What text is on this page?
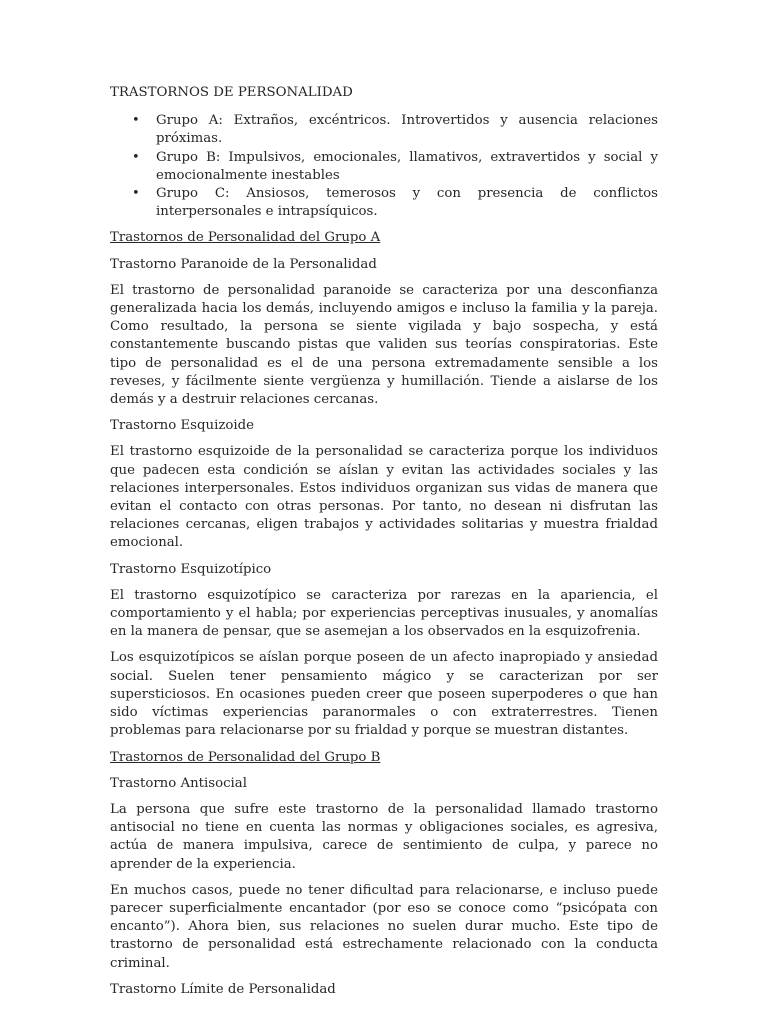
TRASTORNOS DE PERSONALIDAD
• Grupo A: Extraños, excéntricos. Introvertidos y ausencia relaciones próximas.
• Grupo B: Impulsivos, emocionales, llamativos, extravertidos y social y emocionalmente inestables
• Grupo C: Ansiosos, temerosos y con presencia de conflictos interpersonales e intrapsíquicos.
Trastornos de Personalidad del Grupo A
Trastorno Paranoide de la Personalidad

El trastorno de personalidad paranoide se caracteriza por una desconfianza generalizada hacia los demás, incluyendo amigos e incluso la familia y la pareja. Como resultado, la persona se siente vigilada y bajo sospecha, y está constantemente buscando pistas que validen sus teorías conspiratorias. Este tipo de personalidad es el de una persona extremadamente sensible a los reveses, y fácilmente siente vergüenza y humillación. Tiende a aislarse de los demás y a destruir relaciones cercanas.

Trastorno Esquizoide

El trastorno esquizoide de la personalidad se caracteriza porque los individuos que padecen esta condición se aíslan y evitan las actividades sociales y las relaciones interpersonales. Estos individuos organizan sus vidas de manera que evitan el contacto con otras personas. Por tanto, no desean ni disfrutan las relaciones cercanas, eligen trabajos y actividades solitarias y muestra frialdad emocional.

Trastorno Esquizotípico

El trastorno esquizotípico se caracteriza por rarezas en la apariencia, el comportamiento y el habla; por experiencias perceptivas inusuales, y anomalías en la manera de pensar, que se asemejan a los observados en la esquizofrenia.

Los esquizotípicos se aíslan porque poseen de un afecto inapropiado y ansiedad social. Suelen tener pensamiento mágico y se caracterizan por ser supersticiosos. En ocasiones pueden creer que poseen superpoderes o que han sido víctimas experiencias paranormales o con extraterrestres. Tienen problemas para relacionarse por su frialdad y porque se muestran distantes.

Trastornos de Personalidad del Grupo B
Trastorno Antisocial

La persona que sufre este trastorno de la personalidad llamado trastorno antisocial no tiene en cuenta las normas y obligaciones sociales, es agresiva, actúa de manera impulsiva, carece de sentimiento de culpa, y parece no aprender de la experiencia.

En muchos casos, puede no tener dificultad para relacionarse, e incluso puede parecer superficialmente encantador (por eso se conoce como “psicópata con encanto”). Ahora bien, sus relaciones no suelen durar mucho. Este tipo de trastorno de personalidad está estrechamente relacionado con la conducta criminal.

Trastorno Límite de Personalidad
